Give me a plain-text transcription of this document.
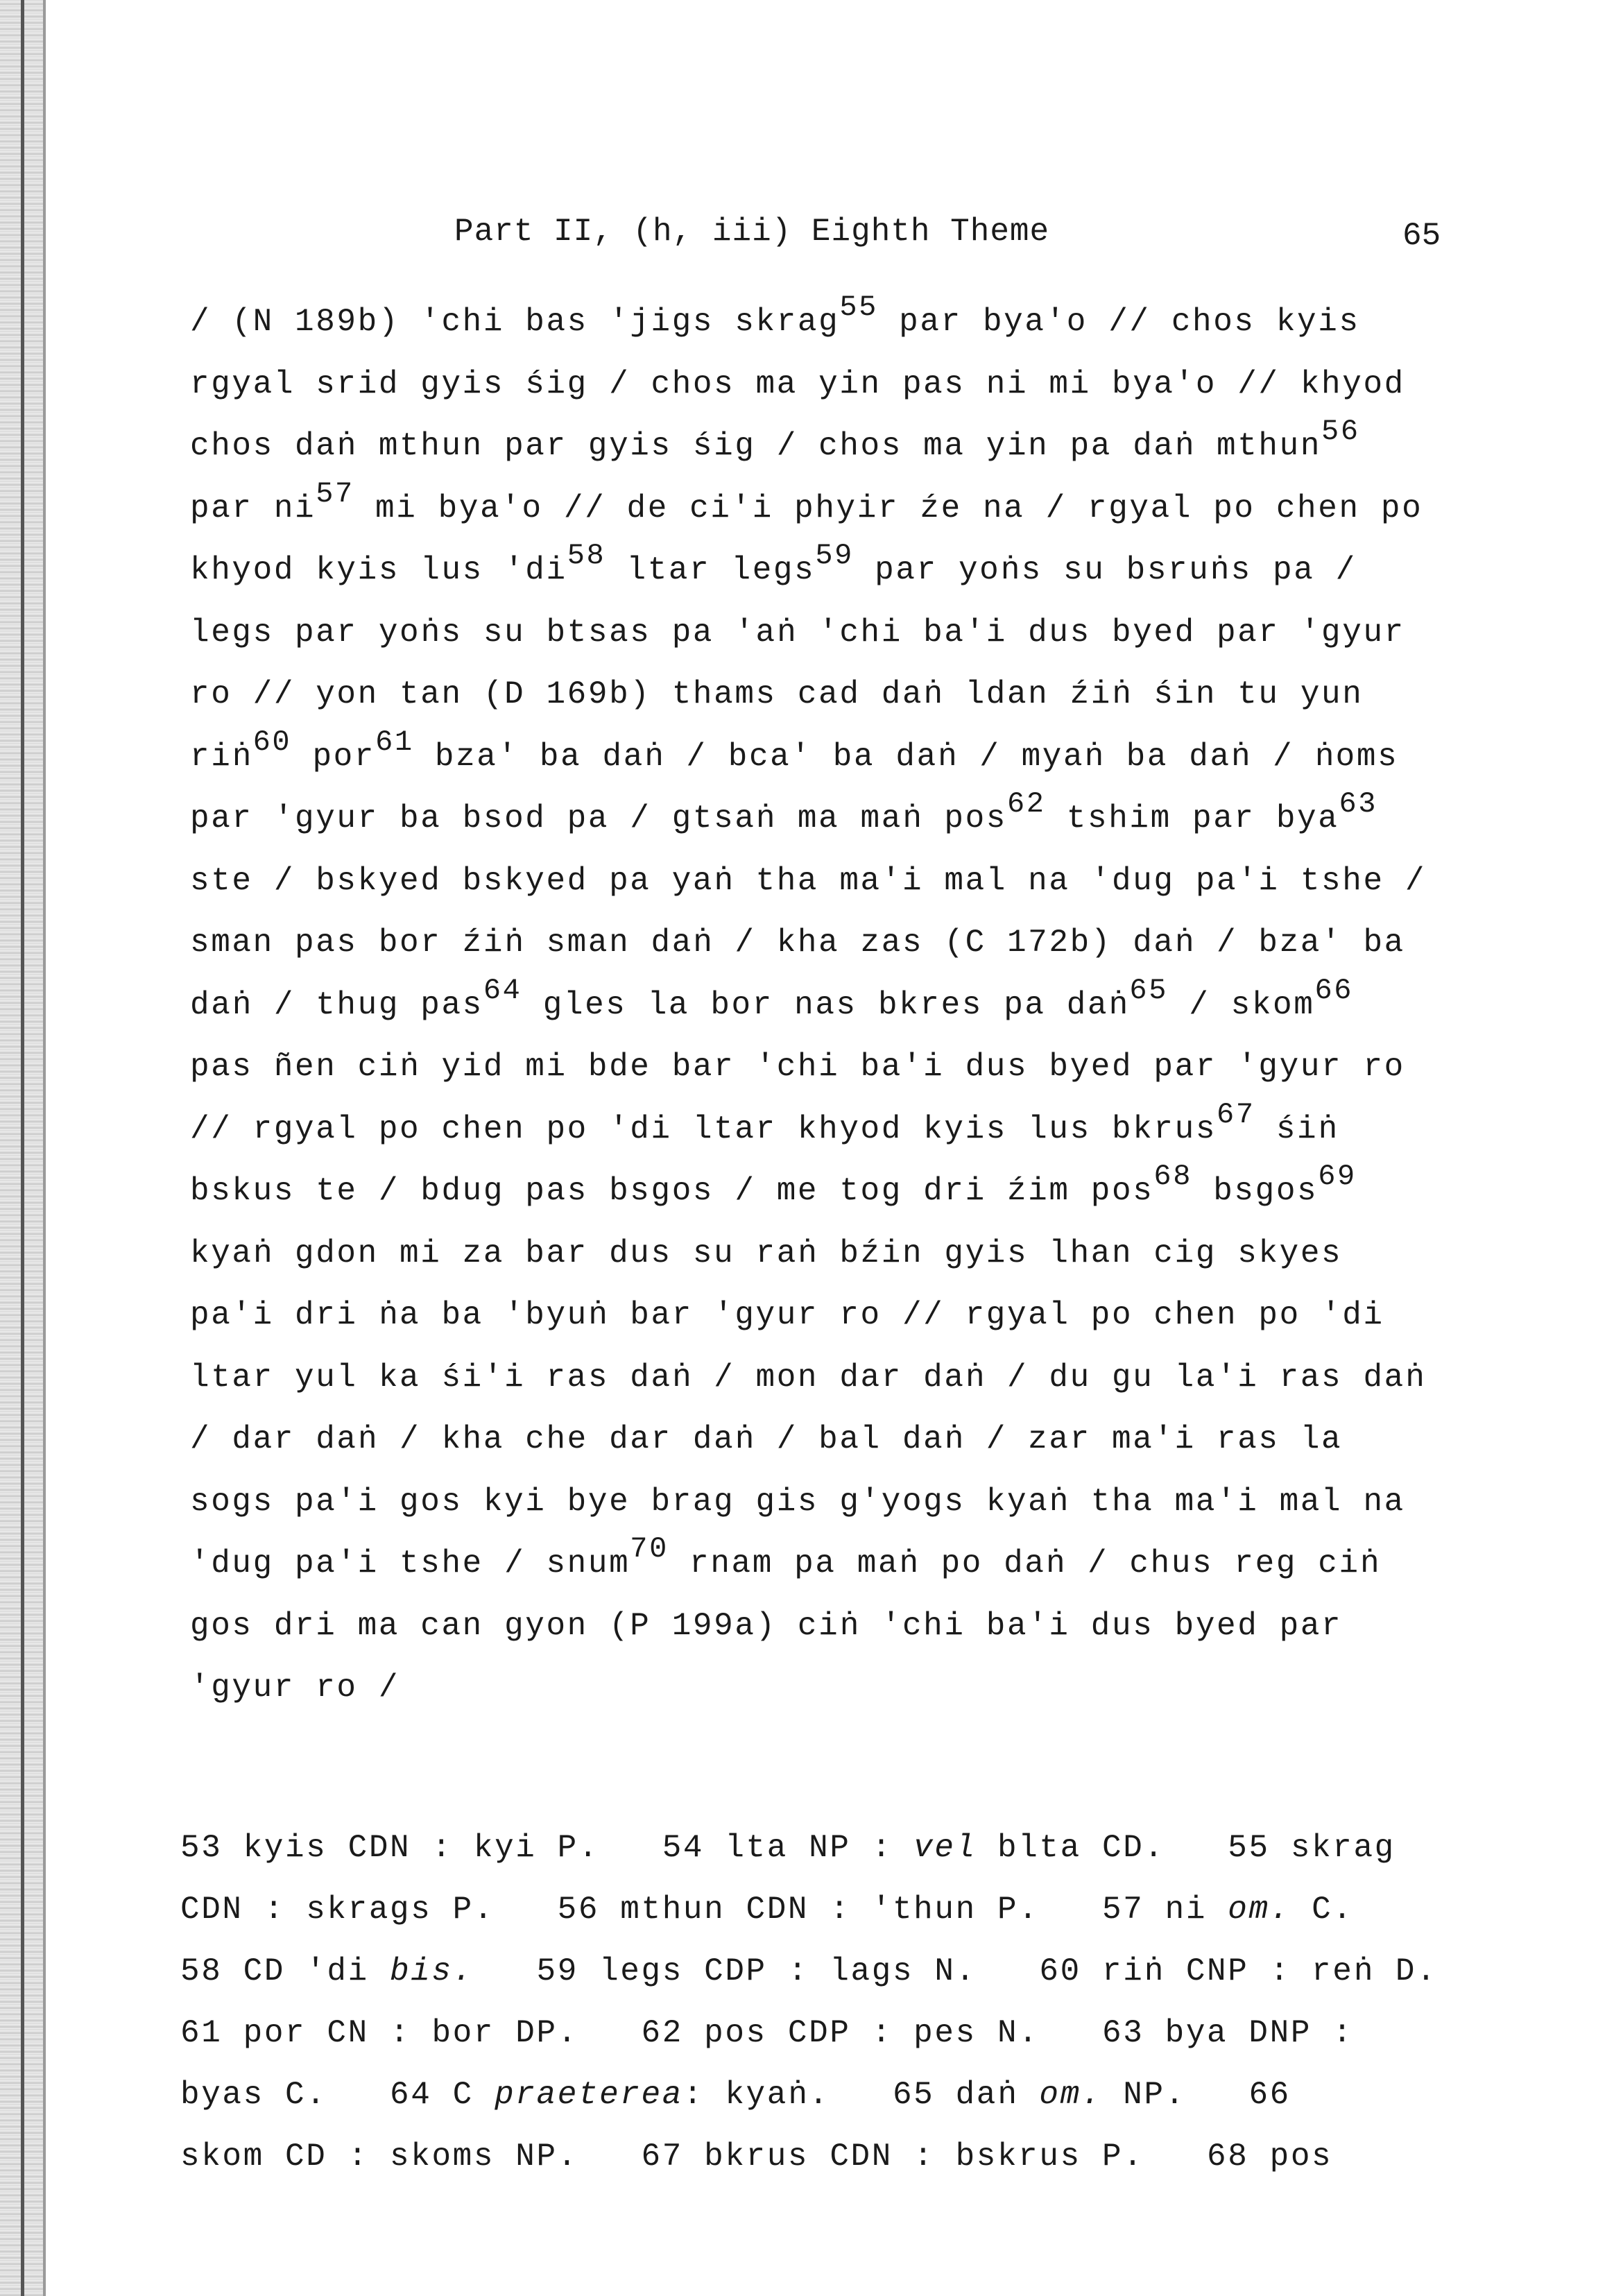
Part II, (h, iii) Eighth Theme	65
/ (N 189b) 'chi bas 'jigs skrag55 par bya'o // chos kyis
rgyal srid gyis śig / chos ma yin pas ni mi bya'o // khyod
chos daṅ mthun par gyis śig / chos ma yin pa daṅ mthun56
par ni57 mi bya'o // de ci'i phyir źe na / rgyal po chen po
khyod kyis lus 'di58 ltar legs59 par yoṅs su bsruṅs pa /
legs par yoṅs su btsas pa 'aṅ 'chi ba'i dus byed par 'gyur
ro // yon tan (D 169b) thams cad daṅ ldan źiṅ śin tu yun
riṅ60 por61 bza' ba daṅ / bca' ba daṅ / myaṅ ba daṅ / ṅoms
par 'gyur ba bsod pa / gtsaṅ ma maṅ pos62 tshim par bya63
ste / bskyed bskyed pa yaṅ tha ma'i mal na 'dug pa'i tshe /
sman pas bor źiṅ sman daṅ / kha zas (C 172b) daṅ / bza' ba
daṅ / thug pas64 gles la bor nas bkres pa daṅ65 / skom66
pas ñen ciṅ yid mi bde bar 'chi ba'i dus byed par 'gyur ro
// rgyal po chen po 'di ltar khyod kyis lus bkrus67 śiṅ
bskus te / bdug pas bsgos / me tog dri źim pos68 bsgos69
kyaṅ gdon mi za bar dus su raṅ bźin gyis lhan cig skyes
pa'i dri ṅa ba 'byuṅ bar 'gyur ro // rgyal po chen po 'di
ltar yul ka śi'i ras daṅ / mon dar daṅ / du gu la'i ras daṅ
/ dar daṅ / kha che dar daṅ / bal daṅ / zar ma'i ras la
sogs pa'i gos kyi bye brag gis g'yogs kyaṅ tha ma'i mal na
'dug pa'i tshe / snum70 rnam pa maṅ po daṅ / chus reg ciṅ
gos dri ma can gyon (P 199a) ciṅ 'chi ba'i dus byed par
'gyur ro /
53 kyis CDN : kyi P.   54 lta NP : vel blta CD.   55 skrag
CDN : skrags P.   56 mthun CDN : 'thun P.   57 ni om. C.
58 CD 'di bis.   59 legs CDP : lags N.   60 riṅ CNP : reṅ D.
61 por CN : bor DP.   62 pos CDP : pes N.   63 bya DNP :
byas C.   64 C praeterea: kyaṅ.   65 daṅ om. NP.   66
skom CD : skoms NP.   67 bkrus CDN : bskrus P.   68 pos
